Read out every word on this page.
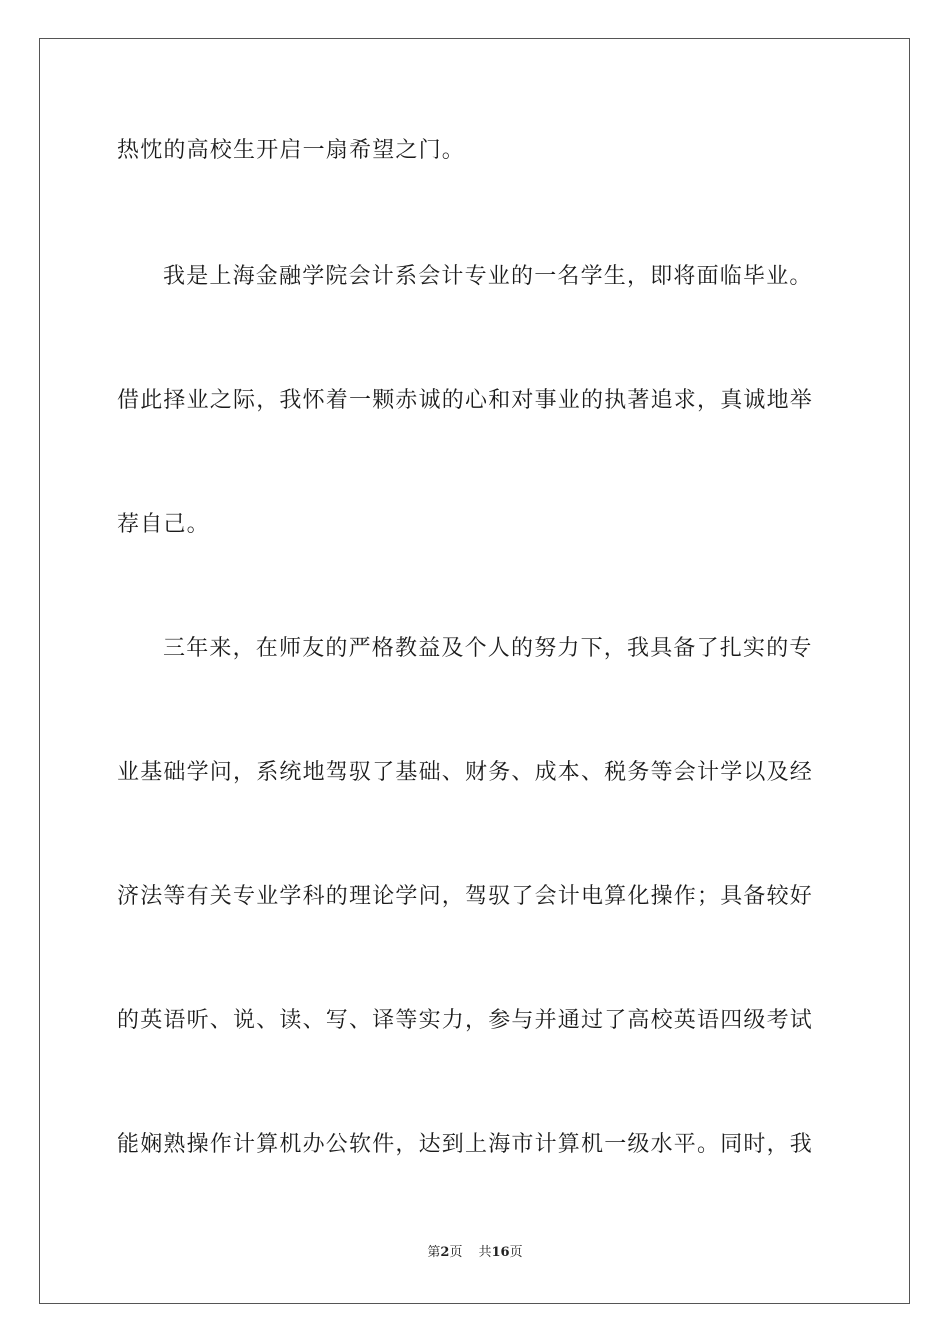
热忱的高校生开启一扇希望之门。
我是上海金融学院会计系会计专业的一名学生，即将面临毕业。
借此择业之际，我怀着一颗赤诚的心和对事业的执著追求，真诚地举
荐自己。
三年来，在师友的严格教益及个人的努力下，我具备了扎实的专
业基础学问，系统地驾驭了基础、财务、成本、税务等会计学以及经
济法等有关专业学科的理论学问，驾驭了会计电算化操作；具备较好
的英语听、说、读、写、译等实力，参与并通过了高校英语四级考试
能娴熟操作计算机办公软件，达到上海市计算机一级水平。同时，我
第2页 共16页
